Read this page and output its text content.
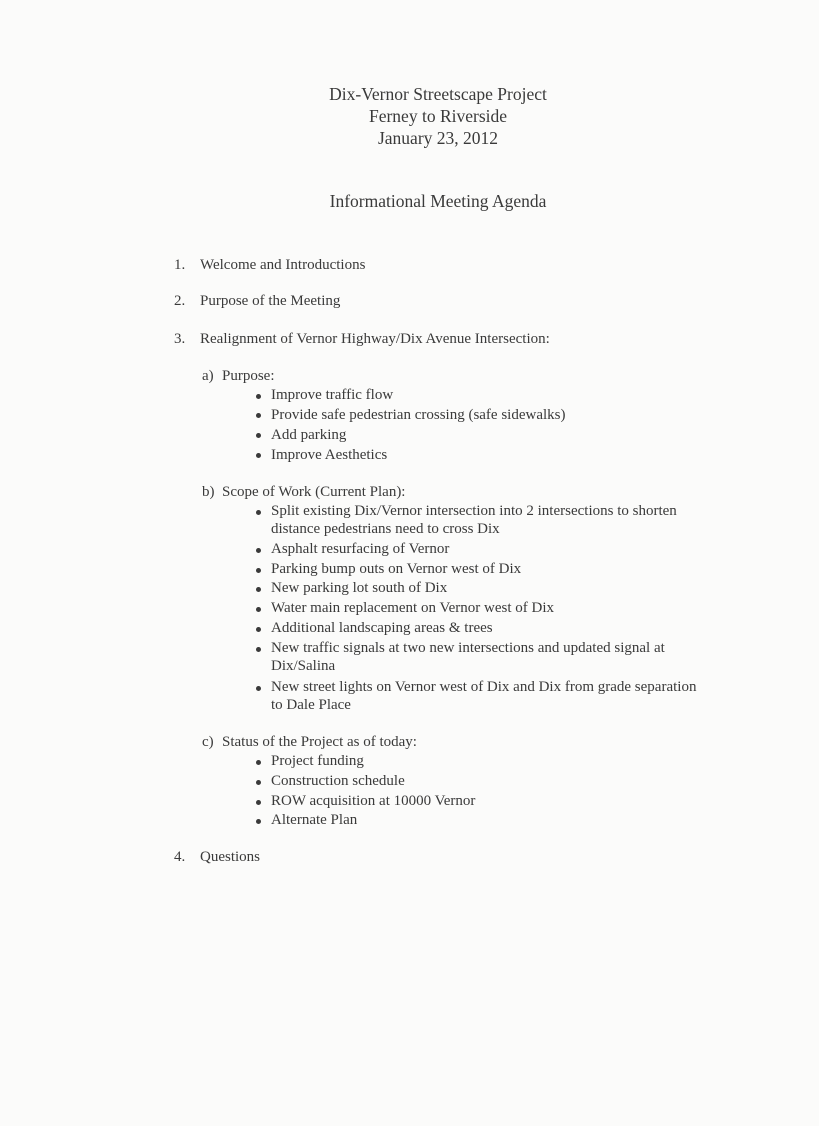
Dix-Vernor Streetscape Project
Ferney to Riverside
January 23, 2012
Informational Meeting Agenda
1. Welcome and Introductions
2. Purpose of the Meeting
3. Realignment of Vernor Highway/Dix Avenue Intersection:
a) Purpose:
Improve traffic flow
Provide safe pedestrian crossing (safe sidewalks)
Add parking
Improve Aesthetics
b) Scope of Work (Current Plan):
Split existing Dix/Vernor intersection into 2 intersections to shorten
distance pedestrians need to cross Dix
Asphalt resurfacing of Vernor
Parking bump outs on Vernor west of Dix
New parking lot south of Dix
Water main replacement on Vernor west of Dix
Additional landscaping areas & trees
New traffic signals at two new intersections and updated signal at
Dix/Salina
New street lights on Vernor west of Dix and Dix from grade separation
to Dale Place
c) Status of the Project as of today:
Project funding
Construction schedule
ROW acquisition at 10000 Vernor
Alternate Plan
4. Questions
